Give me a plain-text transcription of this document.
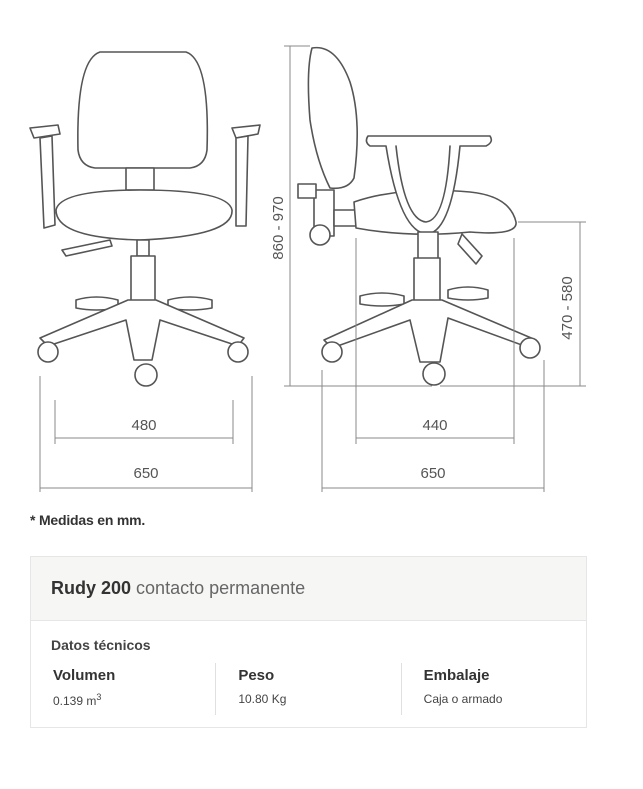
480
650
440
650
860 - 970
470 - 580
* Medidas en mm.
Rudy 200 contacto permanente
Datos técnicos
Volumen
0.139 $m^3$
Peso
10.80 Kg
Embalaje
Caja o armado
